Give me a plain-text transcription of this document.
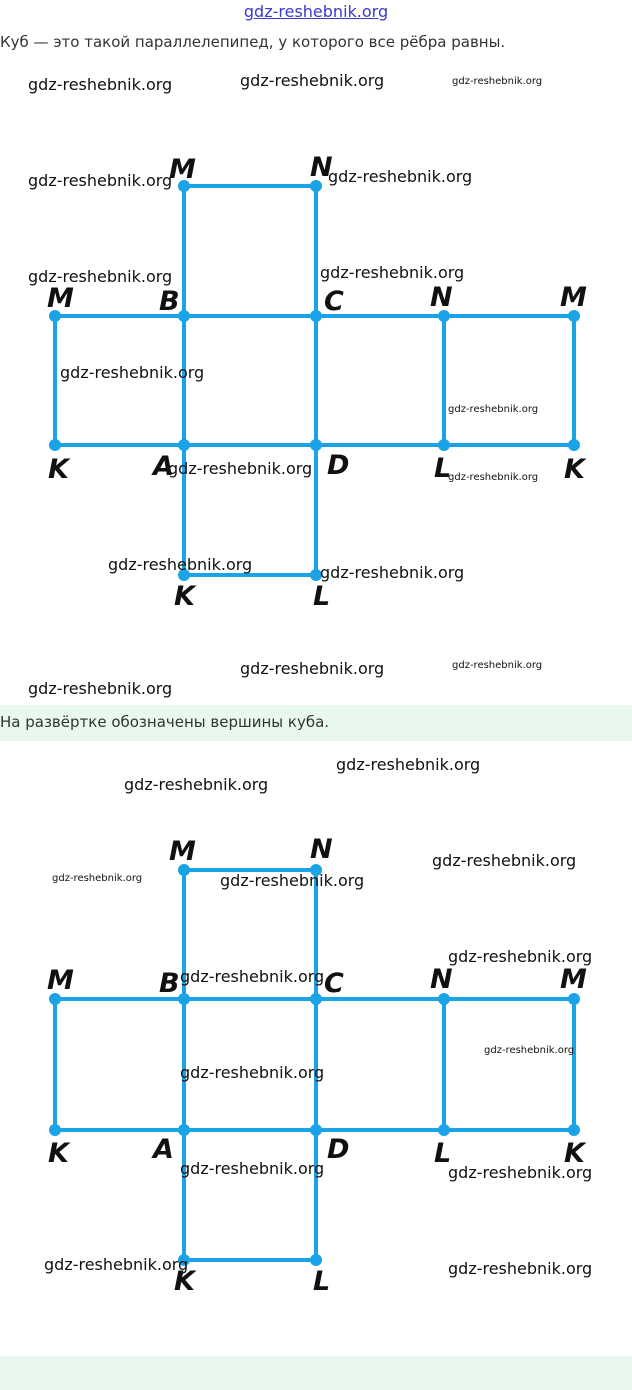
gdz-reshebnik.org

Куб — это такой параллелепипед, у которого все рёбра равны.

M	N
M	B	C	N	M
K	A	D	L	K
K	L
gdz-reshebnik.org	gdz-reshebnik.org	gdz-reshebnik.org
gdz-reshebnik.org	gdz-reshebnik.org
gdz-reshebnik.org	gdz-reshebnik.org
gdz-reshebnik.org
gdz-reshebnik.org
gdz-reshebnik.org	gdz-reshebnik.org
gdz-reshebnik.org	gdz-reshebnik.org
gdz-reshebnik.org	gdz-reshebnik.org
gdz-reshebnik.org

На развёртке обозначены вершины куба.

M	N
M	B	C	N	M
K	A	D	L	K
K	L
gdz-reshebnik.org
gdz-reshebnik.org
gdz-reshebnik.org
gdz-reshebnik.org	gdz-reshebnik.org
gdz-reshebnik.org
gdz-reshebnik.org
gdz-reshebnik.org
gdz-reshebnik.org
gdz-reshebnik.org	gdz-reshebnik.org
gdz-reshebnik.org	gdz-reshebnik.org
